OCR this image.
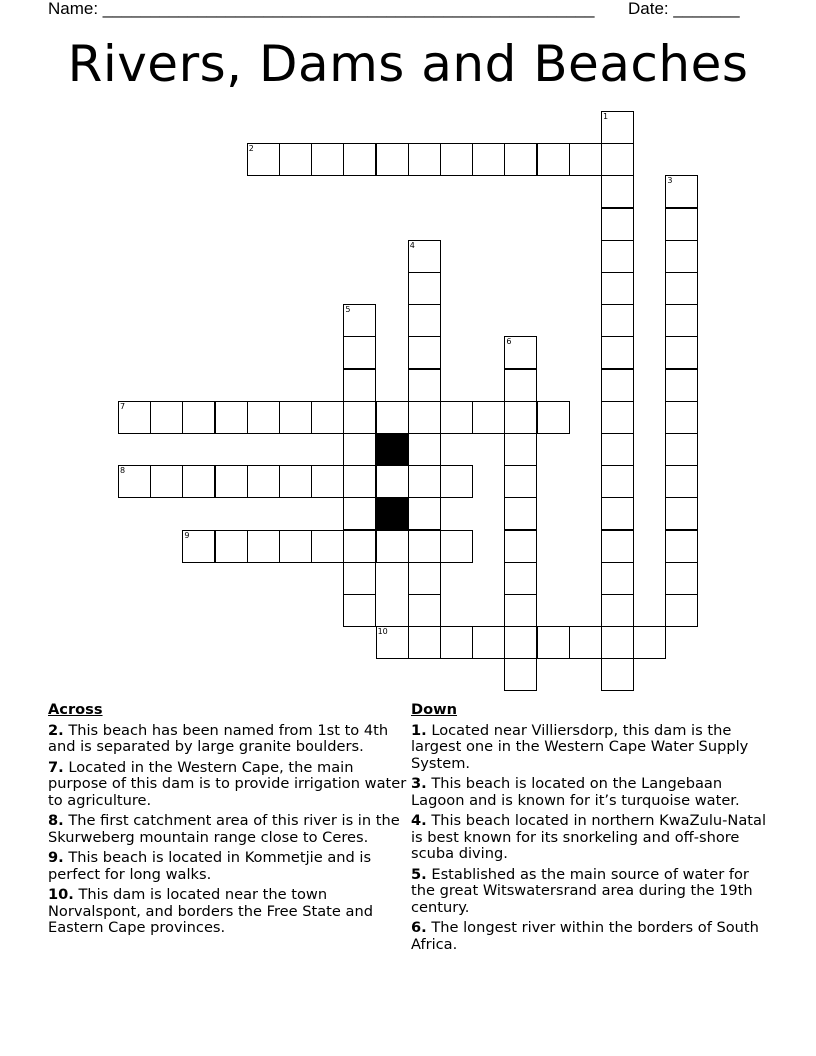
Name: ____________________________________________________ Date: _______
Rivers, Dams and Beaches
1
2
3
4
5
6
7
8
9
10
Across
2. This beach has been named from 1st to 4th and is separated by large granite boulders.
7. Located in the Western Cape, the main purpose of this dam is to provide irrigation water to agriculture.
8. The first catchment area of this river is in the Skurweberg mountain range close to Ceres.
9. This beach is located in Kommetjie and is perfect for long walks.
10. This dam is located near the town Norvalspont, and borders the Free State and Eastern Cape provinces.
Down
1. Located near Villiersdorp, this dam is the largest one in the Western Cape Water Supply System.
3. This beach is located on the Langebaan Lagoon and is known for it’s turquoise water.
4. This beach located in northern KwaZulu-Natal is best known for its snorkeling and off-shore scuba diving.
5. Established as the main source of water for the great Witswatersrand area during the 19th century.
6. The longest river within the borders of South Africa.
